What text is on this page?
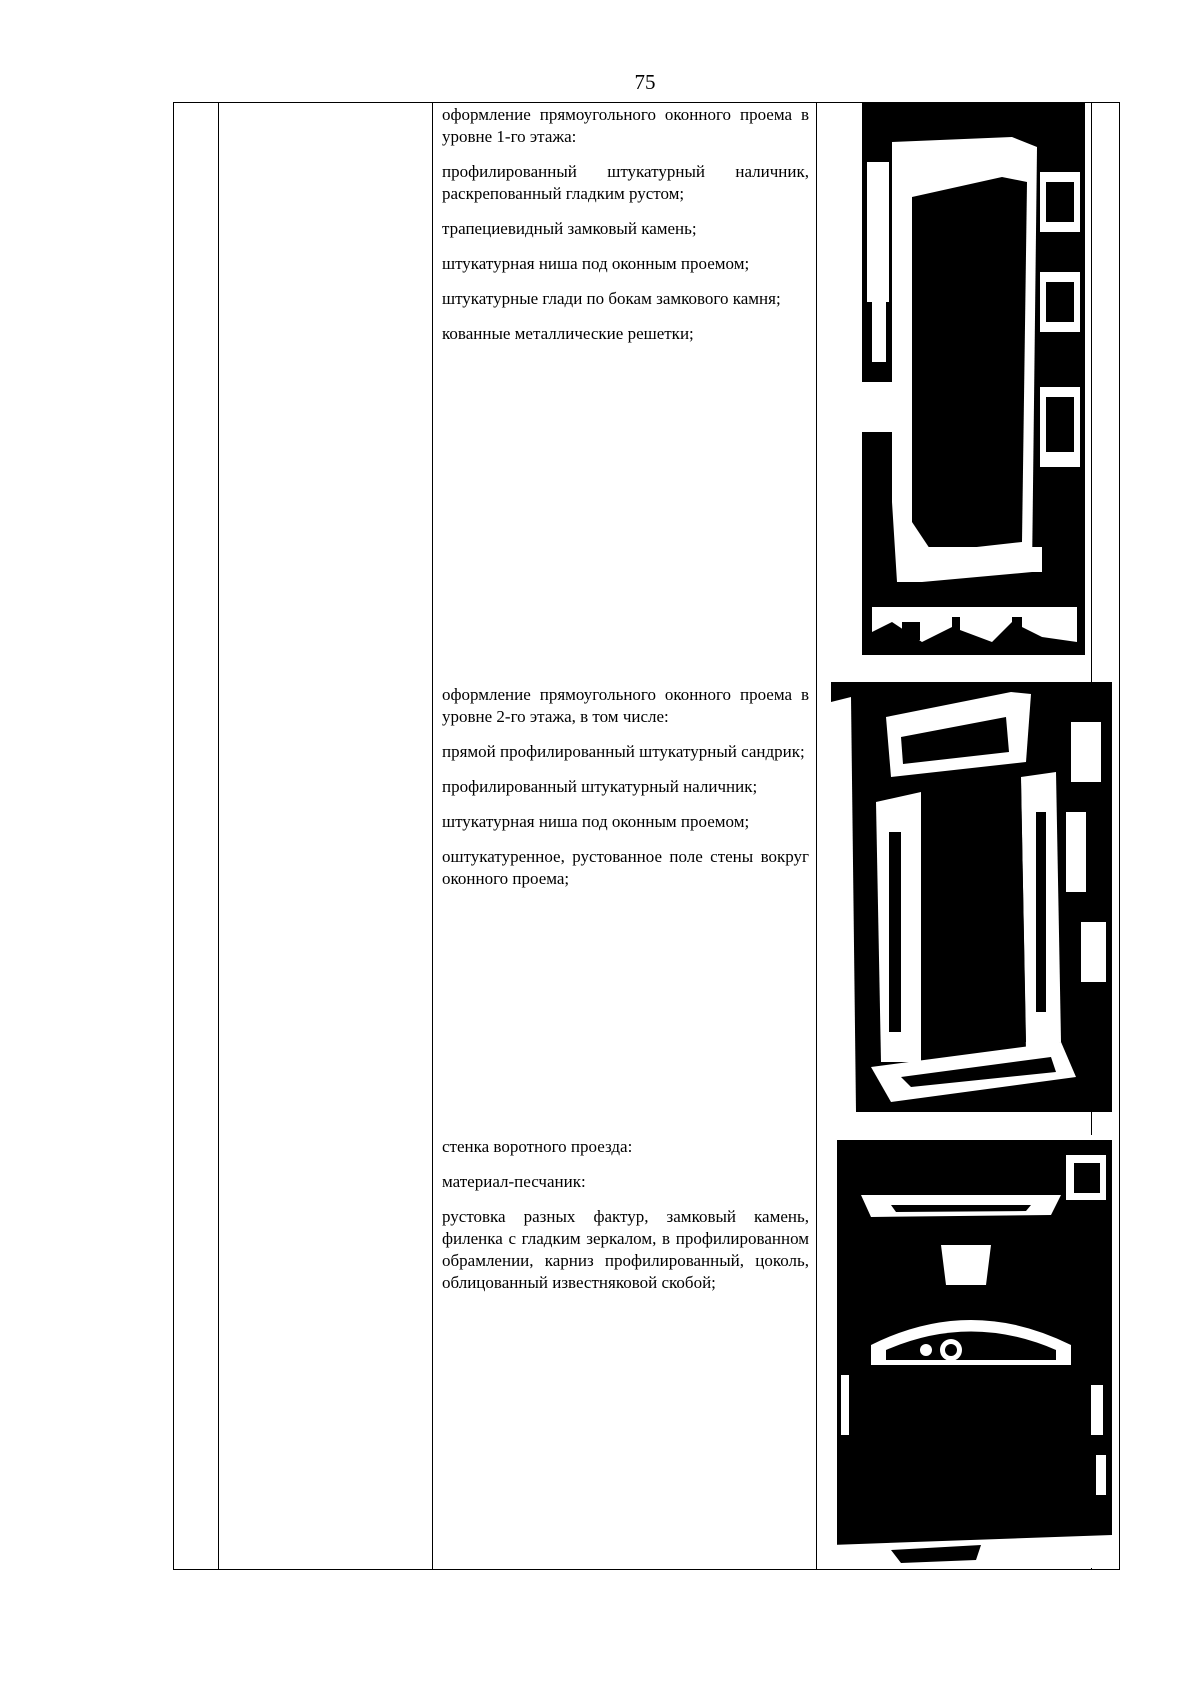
75

оформление прямоугольного оконного проема в уровне 1-го этажа:

профилированный штукатурный наличник, раскрепованный гладким рустом;

трапециевидный замковый камень;

штукатурная ниша под оконным проемом;

штукатурные глади по бокам замкового камня;

кованные металлические решетки;

оформление прямоугольного оконного проема в уровне 2-го этажа, в том числе:

прямой профилированный штукатурный сандрик;

профилированный штукатурный наличник;

штукатурная ниша под оконным проемом;

оштукатуренное, рустованное поле стены вокруг оконного проема;

стенка воротного проезда:

материал-песчаник:

рустовка разных фактур, замковый камень, филенка с гладким зеркалом, в профилированном обрамлении, карниз профилированный, цоколь, облицованный известняковой скобой;
